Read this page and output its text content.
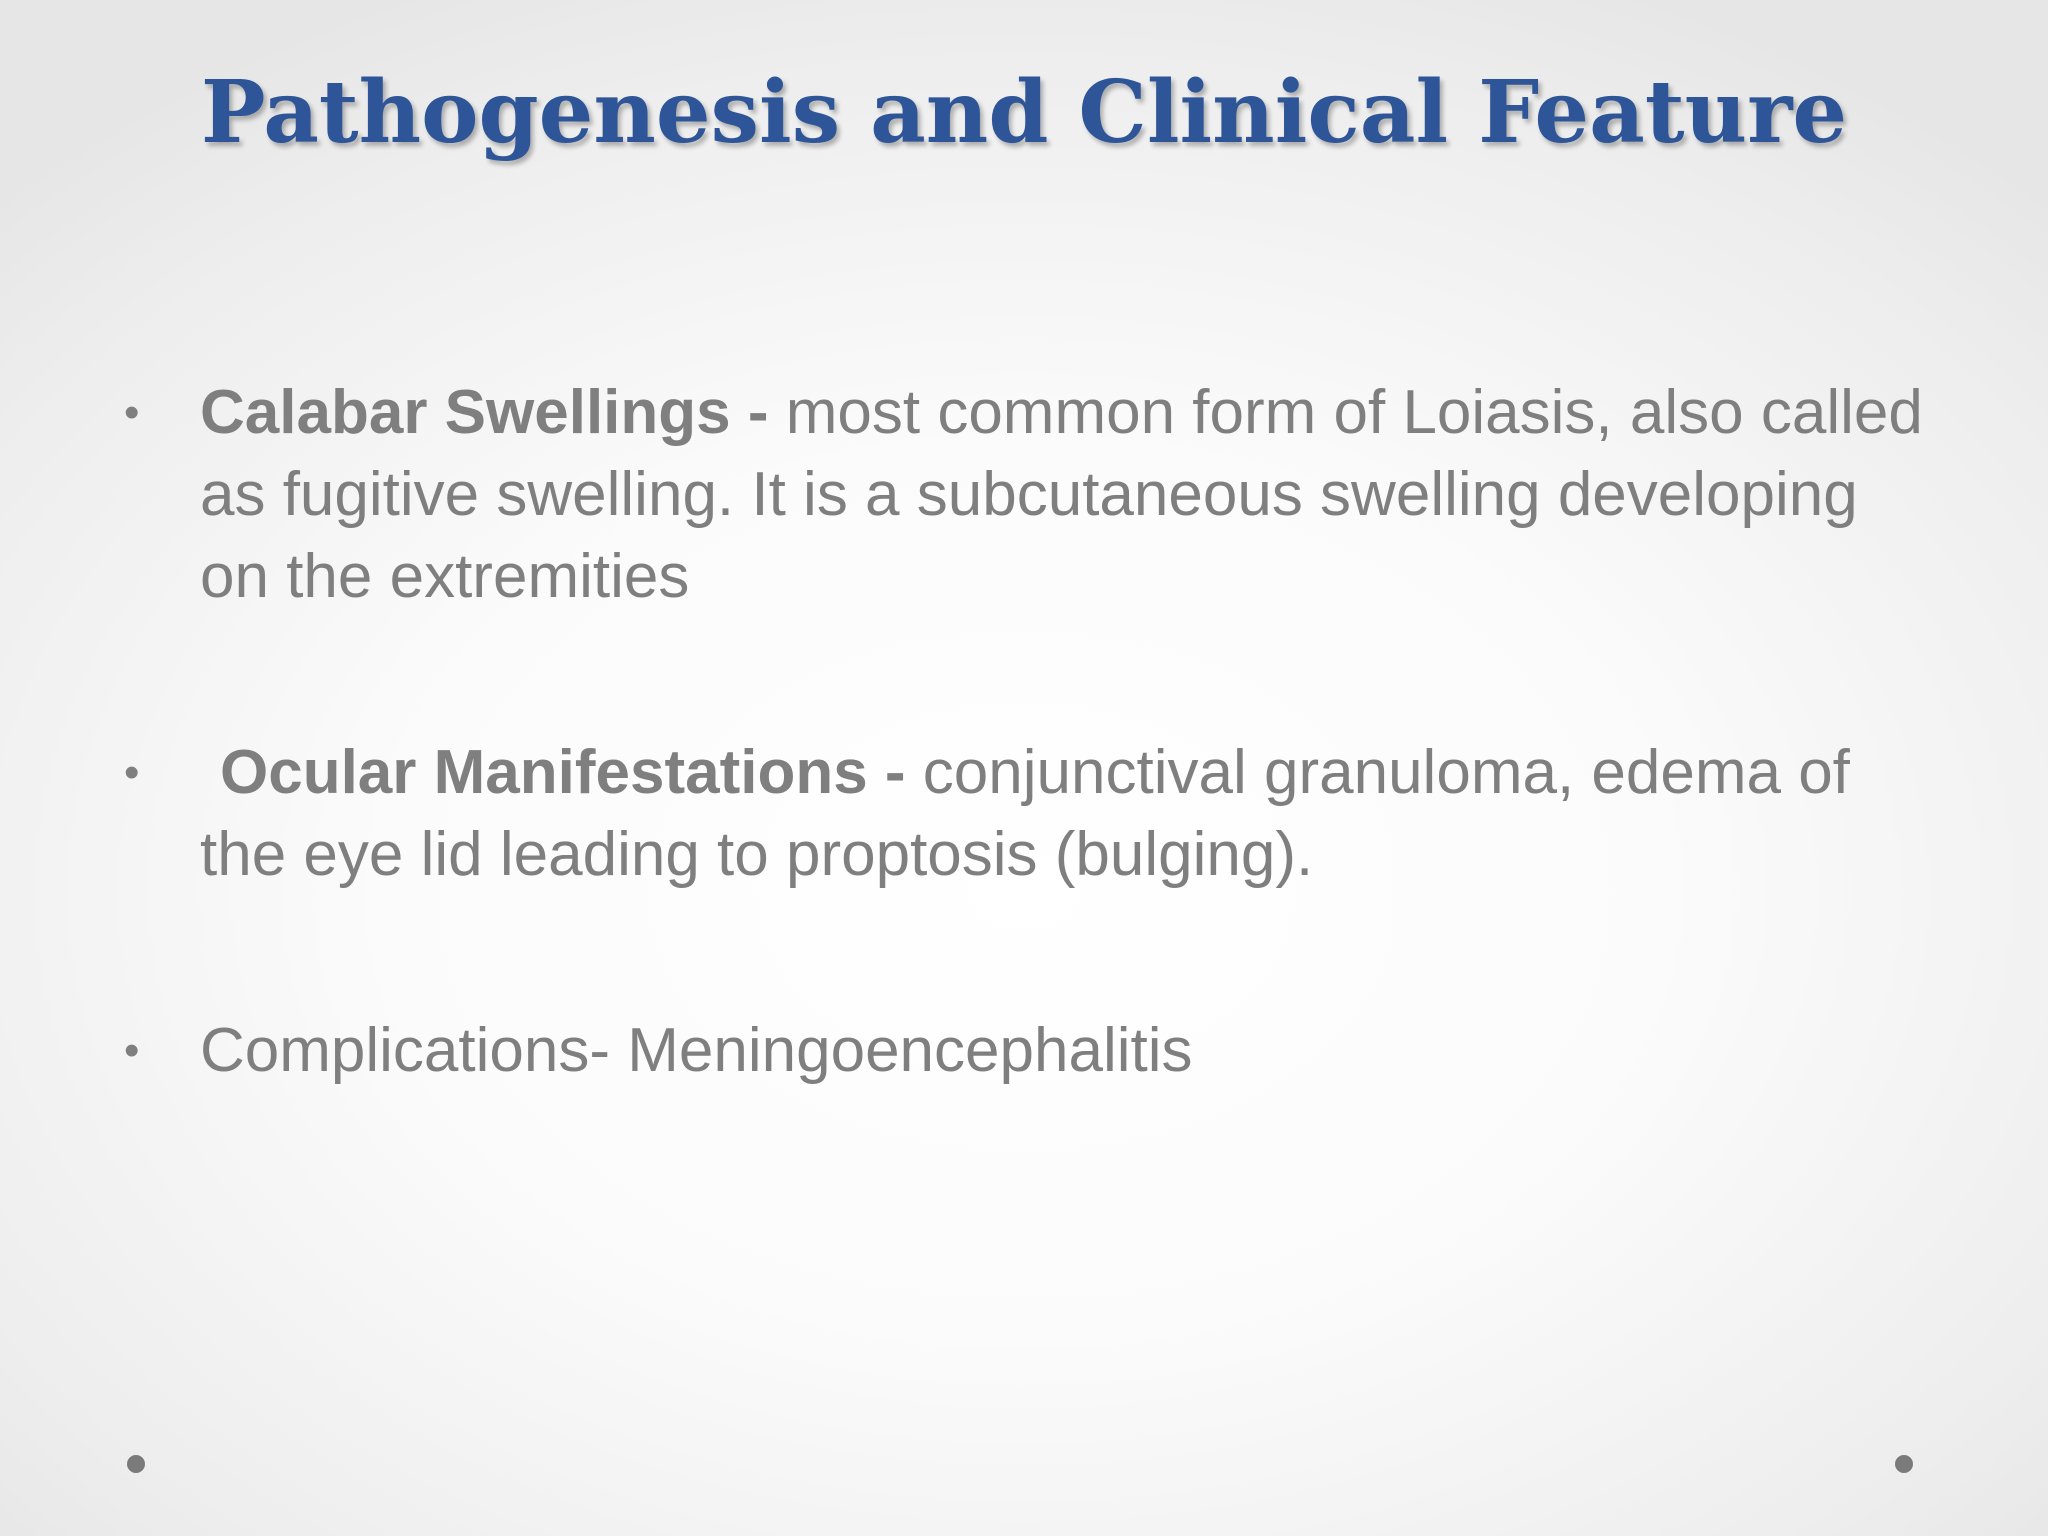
Pathogenesis and Clinical Feature
• Calabar Swellings - most common form of Loiasis, also called as fugitive swelling. It is a subcutaneous swelling developing on the extremities
• Ocular Manifestations - conjunctival granuloma, edema of the eye lid leading to proptosis (bulging).
• Complications- Meningoencephalitis
